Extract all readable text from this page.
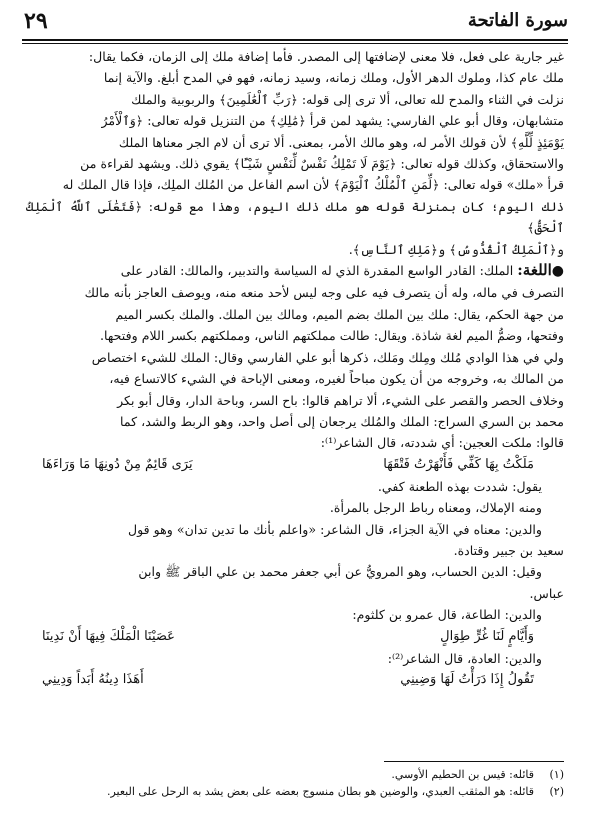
سورة الفاتحة
٢٩

غير جارية على فعل، فلا معنى لإضافتها إلى المصدر. فأما إضافة ملك إلى الزمان، فكما يقال:

ملك عام كذا، وملوك الدهر الأول، وملك زمانه، وسيد زمانه، فهو في المدح أبلغ. والآية إنما

نزلت في الثناء والمدح لله تعالى، ألا ترى إلى قوله: ﴿رَبِّ ٱلْعَٰلَمِينَ﴾ والربوبية والملك

متشابهان، وقال أبو علي الفارسي: يشهد لمن قرأ ﴿مَٰلِكِ﴾ من التنزيل قوله تعالى: ﴿وَٱلْأَمْرُ

يَوْمَئِذٍ لِّلَّهِ﴾ لأن قولك الأمر له، وهو مالك الأمر، بمعنى. ألا ترى أن لام الجر معناها الملك

والاستحقاق، وكذلك قوله تعالى: ﴿يَوْمَ لَا تَمْلِكُ نَفْسٌ لِّنَفْسٍ شَيْـًٔا﴾ يقوي ذلك. ويشهد لقراءة من

قرأ «ملك» قوله تعالى: ﴿لِّمَنِ ٱلْمُلْكُ ٱلْيَوْمَ﴾ لأن اسم الفاعل من المُلك الملِك، فإذا قال الملك له

ذلك اليوم؛ كان بمنزلة قوله هو ملك ذلك اليوم، وهذا مع قوله: ﴿فَتَعَٰلَى ٱللَّهُ ٱلْمَلِكُ ٱلْحَقُّ﴾

و﴿ٱلْمَلِكُ ٱلْقُدُّوسُ﴾ و﴿مَلِكِ ٱلنَّاسِ﴾.

●اللغة: الملك: القادر الواسع المقدرة الذي له السياسة والتدبير، والمالك: القادر على

التصرف في ماله، وله أن يتصرف فيه على وجه ليس لأحد منعه منه، ويوصف العاجز بأنه مالك

من جهة الحكم، يقال: ملك بين الملك بضم الميم، ومالك بين الملك. والملك بكسر الميم

وفتحها، وضمُّ الميم لغة شاذة. ويقال: طالت مملكتهم الناس، ومملكتهم بكسر اللام وفتحها.

ولي في هذا الوادي مُلك ومِلك ومَلك، ذكرها أبو علي الفارسي وقال: الملك للشيء اختصاص

من المالك به، وخروجه من أن يكون مباحاً لغيره، ومعنى الإباحة في الشيء كالاتساع فيه،

وخلاف الحصر والقصر على الشيء، ألا تراهم قالوا: باح السر، وباحة الدار، وقال أبو بكر

محمد بن السري السراج: الملك والمُلك يرجعان إلى أصل واحد، وهو الربط والشد، كما

قالوا: ملكت العجين: أي شددته، قال الشاعر⁽¹⁾:

مَلَكْتُ بِهَا كَفِّي فَأَنْهَرْتُ فَتْقَهَا
يَرَى قَائِمٌ مِنْ دُونِهَا مَا وَرَاءَهَا

يقول: شددت بهذه الطعنة كفي.

ومنه الإملاك، ومعناه رباط الرجل بالمرأة.

والدين: معناه في الآية الجزاء، قال الشاعر: «واعلم بأنك ما تدين تدان» وهو قول

سعيد بن جبير وقتادة.

وقيل: الدين الحساب، وهو المرويُّ عن أبي جعفر محمد بن علي الباقر ﷺ وابن

عباس.

والدين: الطاعة، قال عمرو بن كلثوم:

وَأَيَّامٍ لَنَا غُرٍّ طِوَالٍ
عَصَيْنَا الْمَلْكَ فِيهَا أَنْ نَدِينَا

والدين: العادة، قال الشاعر⁽²⁾:

تَقُولُ إِذَا دَرَأْتُ لَهَا وَضِينِي
أَهَذَا دِينُهُ أَبَداً وَدِينِي
(١)
قائله: قيس بن الحطيم الأوسي.
(٢)
قائله: هو المثقب العبدي، والوضين هو بطان منسوج بعضه على بعض يشد به الرحل على البعير.
